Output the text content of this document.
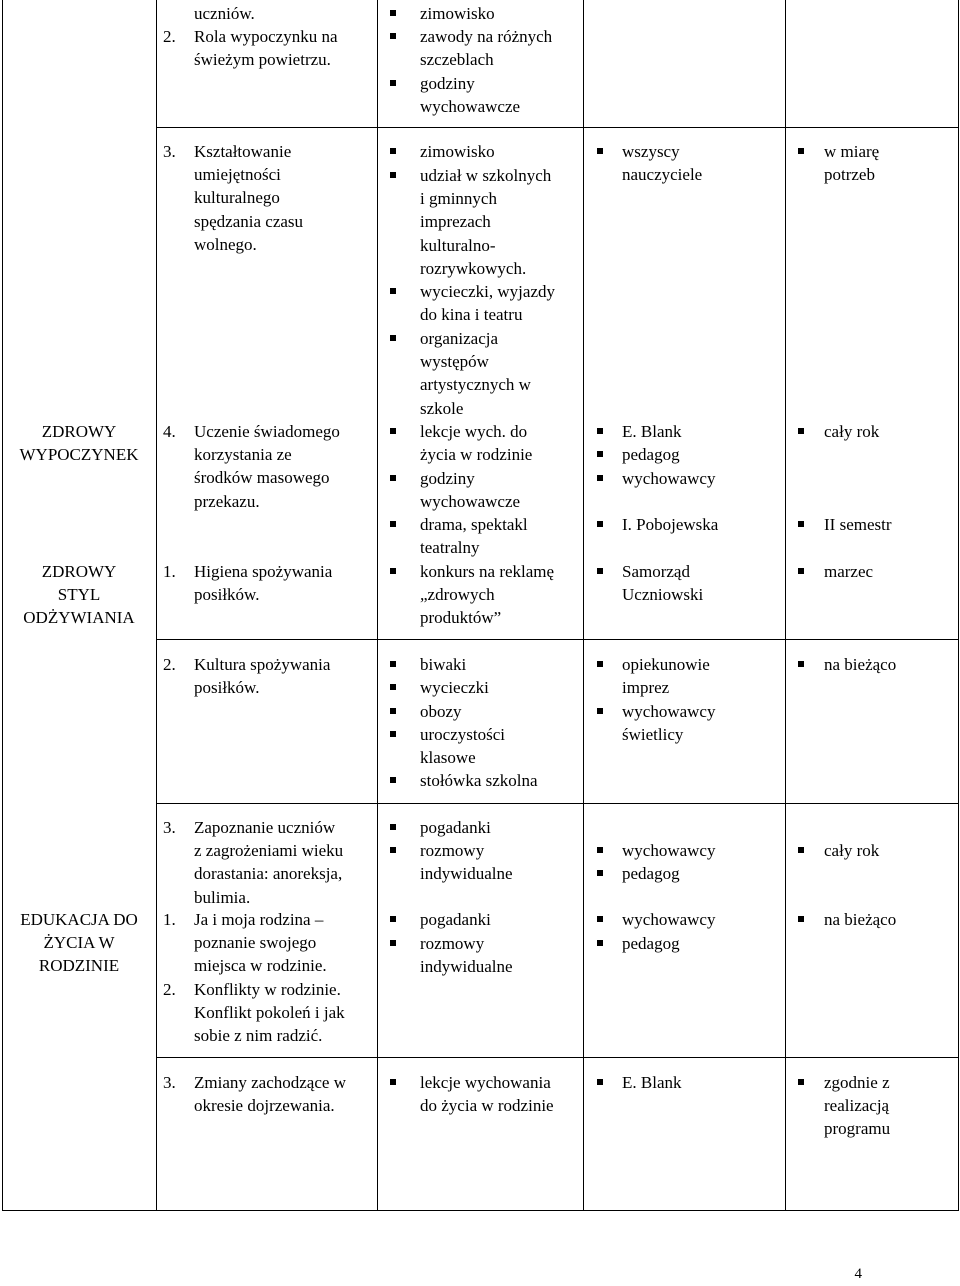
ZDROWY
WYPOCZYNEK
ZDROWY
STYL
ODŻYWIANIA
EDUKACJA DO
ŻYCIA W
RODZINIE
uczniów.
2. Rola wypoczynku na
świeżym powietrzu.
zimowisko
zawody na różnych
szczeblach
godziny
wychowawcze
3. Kształtowanie
umiejętności
kulturalnego
spędzania czasu
wolnego.
zimowisko
udział w szkolnych
i gminnych
imprezach
kulturalno-
rozrywkowych.
wycieczki, wyjazdy
do kina i teatru
organizacja
występów
artystycznych w
szkole
wszyscy
nauczyciele
w miarę
potrzeb
4. Uczenie świadomego
korzystania ze
środków masowego
przekazu.
1. Higiena spożywania
posiłków.
lekcje wych. do
życia w rodzinie
godziny
wychowawcze
drama, spektakl
teatralny
konkurs na reklamę
„zdrowych
produktów”
E. Blank
pedagog
wychowawcy
I. Pobojewska
Samorząd
Uczniowski
cały rok
II semestr
marzec
2. Kultura spożywania
posiłków.
biwaki
wycieczki
obozy
uroczystości
klasowe
stołówka szkolna
opiekunowie
imprez
wychowawcy
świetlicy
na bieżąco
3. Zapoznanie uczniów
z zagrożeniami wieku
dorastania: anoreksja,
bulimia.
pogadanki
rozmowy
indywidualne
wychowawcy
pedagog
cały rok
1. Ja i moja rodzina –
poznanie swojego
miejsca w rodzinie.
2. Konflikty w rodzinie.
Konflikt pokoleń i jak
sobie z nim radzić.
pogadanki
rozmowy
indywidualne
wychowawcy
pedagog
na bieżąco
3. Zmiany zachodzące w
okresie dojrzewania.
lekcje wychowania
do życia w rodzinie
E. Blank	zgodnie z
realizacją
programu
4
